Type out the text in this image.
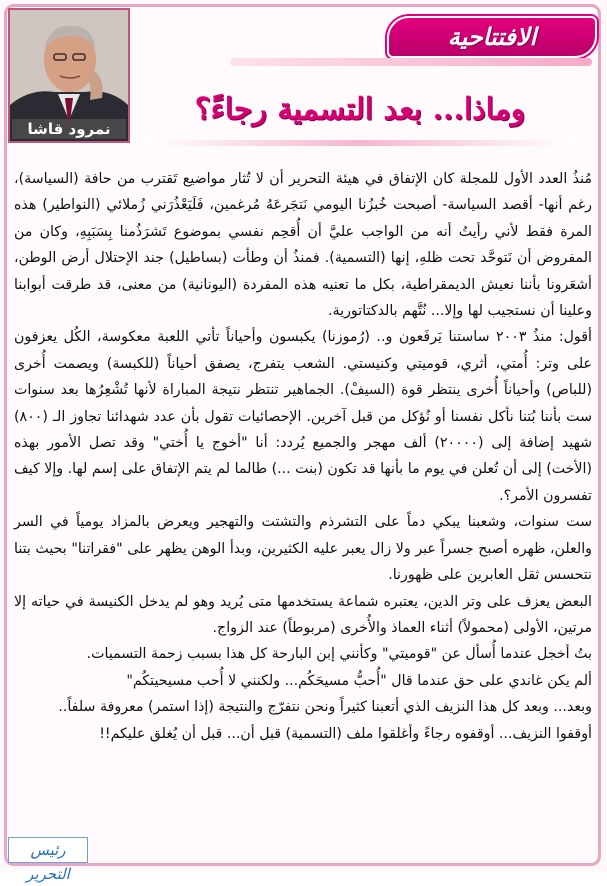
الافتتاحية
نمرود قاشا
وماذا... بعد التسمية رجاءً؟

مُنذُ العدد الأول للمجلة كان الإتفاق في هيئة التحرير أن لا تُثار مواضيع تَقترب من حافة (السياسة)، رغم أنها- أقصد السياسة- أصبحت خُبزُنا اليومي نَتجَرعَهُ مُرغمين، فَلَيَعْذُرَني زُملائي (النواطير) هذه المرة فقط لأني رأيتُ أنه من الواجب عليَّ أن أُقحِم نفسي بموضوع تَشرَذُمنا بِسَبَبِهِ، وكان من المفروض أن نَتوحَّد تحت ظلهِ، إنها (التسمية). فمنذُ أن وطأت (بساطيل) جند الإحتلال أرض الوطن، أشعَرونا بأننا نعيش الديمقراطية، بكل ما تعنيه هذه المفردة (اليونانية) من معنى، قد طرقت أبوابنا وعلينا أن نستجيب لها وإلا... نُتَّهم بالدكتاتورية.

أقول: منذُ ٢٠٠٣ ساستنا يَرفَعون و.. (رُموزنا) يكبسون وأحياناً تأتي اللعبة معكوسة، الكُل يعزفون على وتر: أُمتي، أثري، قوميتي وكنيستي. الشعب يتفرج، يصفق أحياناً (للكبسة) ويصمت أُخرى (للباص) وأحياناً أُخرى ينتظر قوة (السيفْ). الجماهير تنتظر نتيجة المباراة لأنها تُشْعِرُها بعد سنوات ست بأننا بُتنا نأكل نفسنا أو نُؤكل من قبل آخرين. الإحصائيات تقول بأن عدد شهدائنا تجاوز الـ (٨٠٠) شهيد إضافة إلى (٢٠٠٠٠) ألف مهجر والجميع يُردد: أنا "أخوج يا أُختي" وقد تصل الأمور بهذه (الأخت) إلى أن تُعلن في يوم ما بأنها قد تكون (بنت ...) طالما لم يتم الإتفاق على إسم لها. وإلا كيف تفسرون الأمر؟.

ست سنوات، وشعبنا يبكي دماً على التشرذم والتشتت والتهجير ويعرض بالمزاد يومياً في السر والعلن، ظهره أصبح جسراً عبر ولا زال يعبر عليه الكثيرين، وبدأ الوهن يظهر على "فقراتنا" بحيث بتنا نتحسس ثقل العابرين على ظهورنا.

البعض يعزف على وتر الدين، يعتبره شماعة يستخدمها متى يُريد وهو لم يدخل الكنيسة في حياته إلا مرتين، الأولى (محمولاً) أثناء العماذ والأُخرى (مربوطاً) عند الزواج.

بتُ أخجل عندما أُسأل عن "قوميتي" وكأنني إبن البارحة كل هذا بسبب زحمة التسميات.

ألم يكن غاندي على حق عندما قال "أُحبُّ مسيحَكُم... ولكنني لا أُحب مسيحيتكُم"

وبعد... وبعد كل هذا النزيف الذي أتعبنا كثيراً ونحن نتفرّج والنتيجة (إذا استمر) معروفة سلفاً..

أوقفوا النزيف... أوقفوه رجاءً وأغلقوا ملف (التسمية) قبل أن... قبل أن يُغلق عليكم!!

رئيس التحرير
